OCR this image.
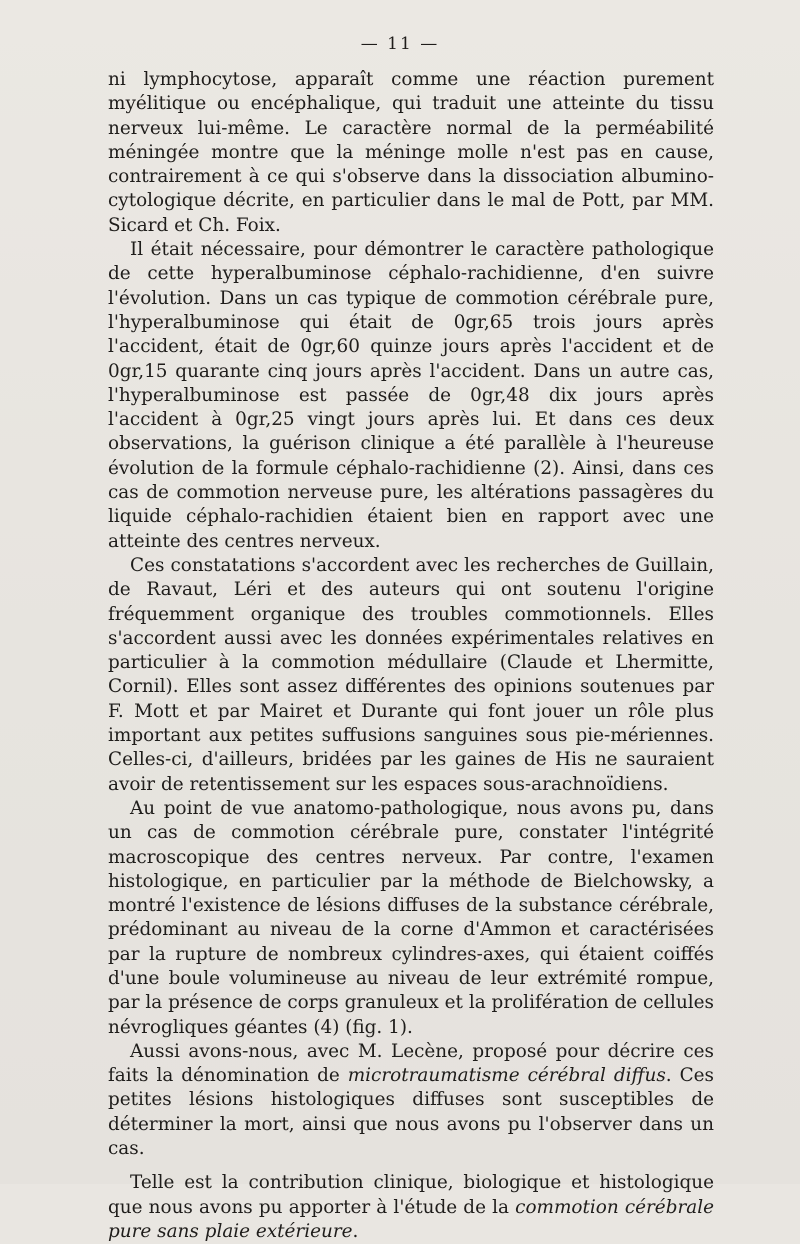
— 11 —

ni lymphocytose, apparaît comme une réaction purement myélitique ou encéphalique, qui traduit une atteinte du tissu nerveux lui-même. Le caractère normal de la perméabilité méningée montre que la méninge molle n'est pas en cause, contrairement à ce qui s'observe dans la dissociation albumino-cytologique décrite, en particulier dans le mal de Pott, par MM. Sicard et Ch. Foix.

Il était nécessaire, pour démontrer le caractère pathologique de cette hyperalbuminose céphalo-rachidienne, d'en suivre l'évolution. Dans un cas typique de commotion cérébrale pure, l'hyperalbuminose qui était de 0gr,65 trois jours après l'accident, était de 0gr,60 quinze jours après l'accident et de 0gr,15 quarante cinq jours après l'accident. Dans un autre cas, l'hyperalbuminose est passée de 0gr,48 dix jours après l'accident à 0gr,25 vingt jours après lui. Et dans ces deux observations, la guérison clinique a été parallèle à l'heureuse évolution de la formule céphalo-rachidienne (2). Ainsi, dans ces cas de commotion nerveuse pure, les altérations passagères du liquide céphalo-rachidien étaient bien en rapport avec une atteinte des centres nerveux.

Ces constatations s'accordent avec les recherches de Guillain, de Ravaut, Léri et des auteurs qui ont soutenu l'origine fréquemment organique des troubles commotionnels. Elles s'accordent aussi avec les données expérimentales relatives en particulier à la commotion médullaire (Claude et Lhermitte, Cornil). Elles sont assez différentes des opinions soutenues par F. Mott et par Mairet et Durante qui font jouer un rôle plus important aux petites suffusions sanguines sous pie-mériennes. Celles-ci, d'ailleurs, bridées par les gaines de His ne sauraient avoir de retentissement sur les espaces sous-arachnoïdiens.

Au point de vue anatomo-pathologique, nous avons pu, dans un cas de commotion cérébrale pure, constater l'intégrité macroscopique des centres nerveux. Par contre, l'examen histologique, en particulier par la méthode de Bielchowsky, a montré l'existence de lésions diffuses de la substance cérébrale, prédominant au niveau de la corne d'Ammon et caractérisées par la rupture de nombreux cylindres-axes, qui étaient coiffés d'une boule volumineuse au niveau de leur extrémité rompue, par la présence de corps granuleux et la prolifération de cellules névrogliques géantes (4) (fig. 1).

Aussi avons-nous, avec M. Lecène, proposé pour décrire ces faits la dénomination de microtraumatisme cérébral diffus. Ces petites lésions histologiques diffuses sont susceptibles de déterminer la mort, ainsi que nous avons pu l'observer dans un cas.

Telle est la contribution clinique, biologique et histologique que nous avons pu apporter à l'étude de la commotion cérébrale pure sans plaie extérieure.
